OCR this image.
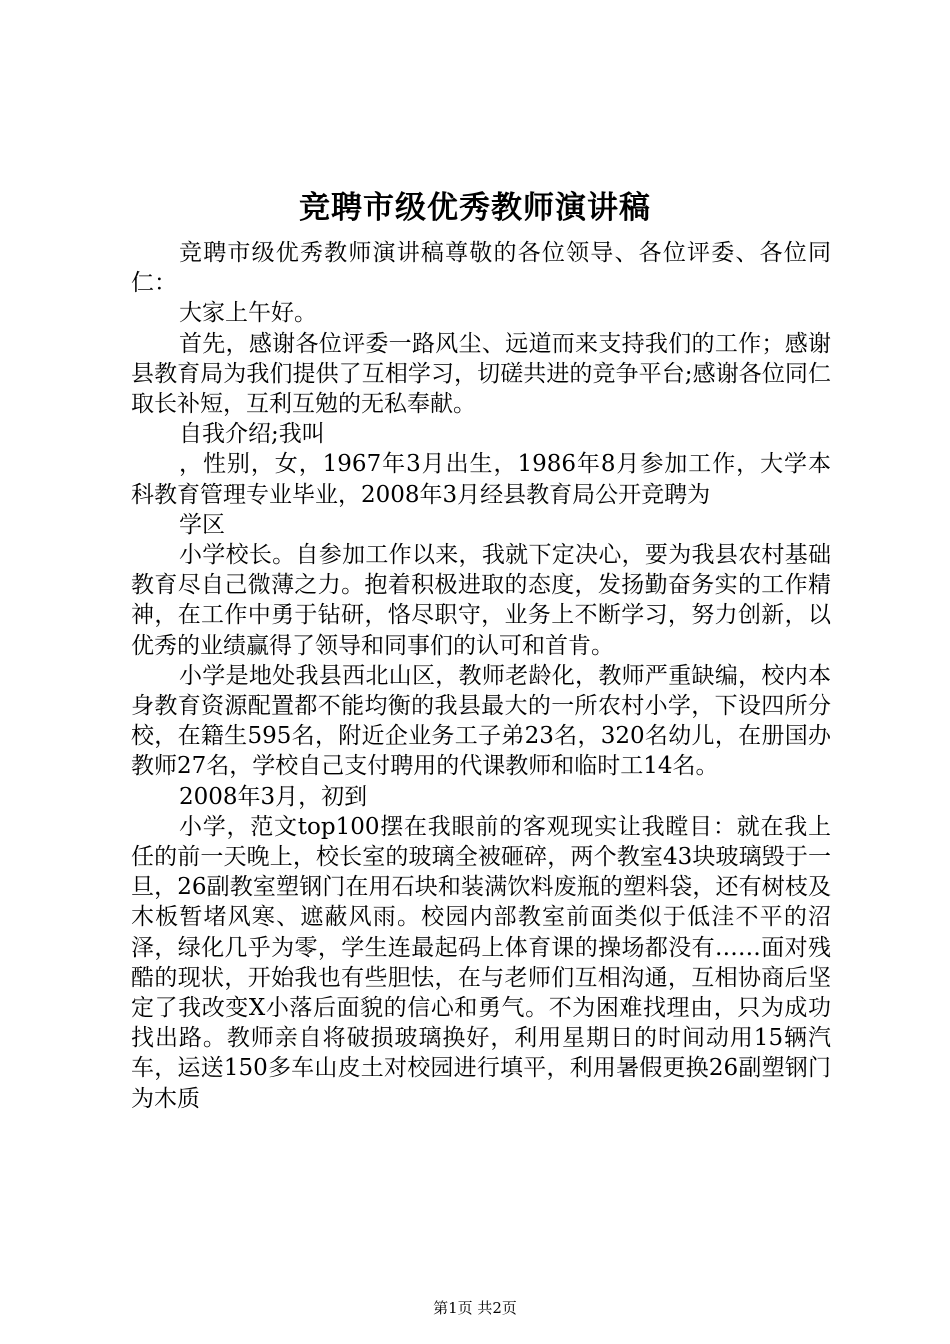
竞聘市级优秀教师演讲稿

竞聘市级优秀教师演讲稿尊敬的各位领导、各位评委、各位同仁：

大家上午好。

首先，感谢各位评委一路风尘、远道而来支持我们的工作；感谢县教育局为我们提供了互相学习，切磋共进的竞争平台;感谢各位同仁取长补短，互利互勉的无私奉献。

自我介绍;我叫

，性别，女，1967年3月出生，1986年8月参加工作，大学本科教育管理专业毕业，2008年3月经县教育局公开竞聘为

学区

小学校长。自参加工作以来，我就下定决心，要为我县农村基础教育尽自己微薄之力。抱着积极进取的态度，发扬勤奋务实的工作精神，在工作中勇于钻研，恪尽职守，业务上不断学习，努力创新，以优秀的业绩赢得了领导和同事们的认可和首肯。

小学是地处我县西北山区，教师老龄化，教师严重缺编，校内本身教育资源配置都不能均衡的我县最大的一所农村小学，下设四所分校，在籍生595名，附近企业务工子弟23名，320名幼儿，在册国办教师27名，学校自己支付聘用的代课教师和临时工14名。

2008年3月，初到

小学，范文top100摆在我眼前的客观现实让我瞠目：就在我上任的前一天晚上，校长室的玻璃全被砸碎，两个教室43块玻璃毁于一旦，26副教室塑钢门在用石块和装满饮料废瓶的塑料袋，还有树枝及木板暂堵风寒、遮蔽风雨。校园内部教室前面类似于低洼不平的沼泽，绿化几乎为零，学生连最起码上体育课的操场都没有……面对残酷的现状，开始我也有些胆怯，在与老师们互相沟通，互相协商后坚定了我改变X小落后面貌的信心和勇气。不为困难找理由，只为成功找出路。教师亲自将破损玻璃换好，利用星期日的时间动用15辆汽车，运送150多车山皮土对校园进行填平，利用暑假更换26副塑钢门为木质

第1页 共2页
